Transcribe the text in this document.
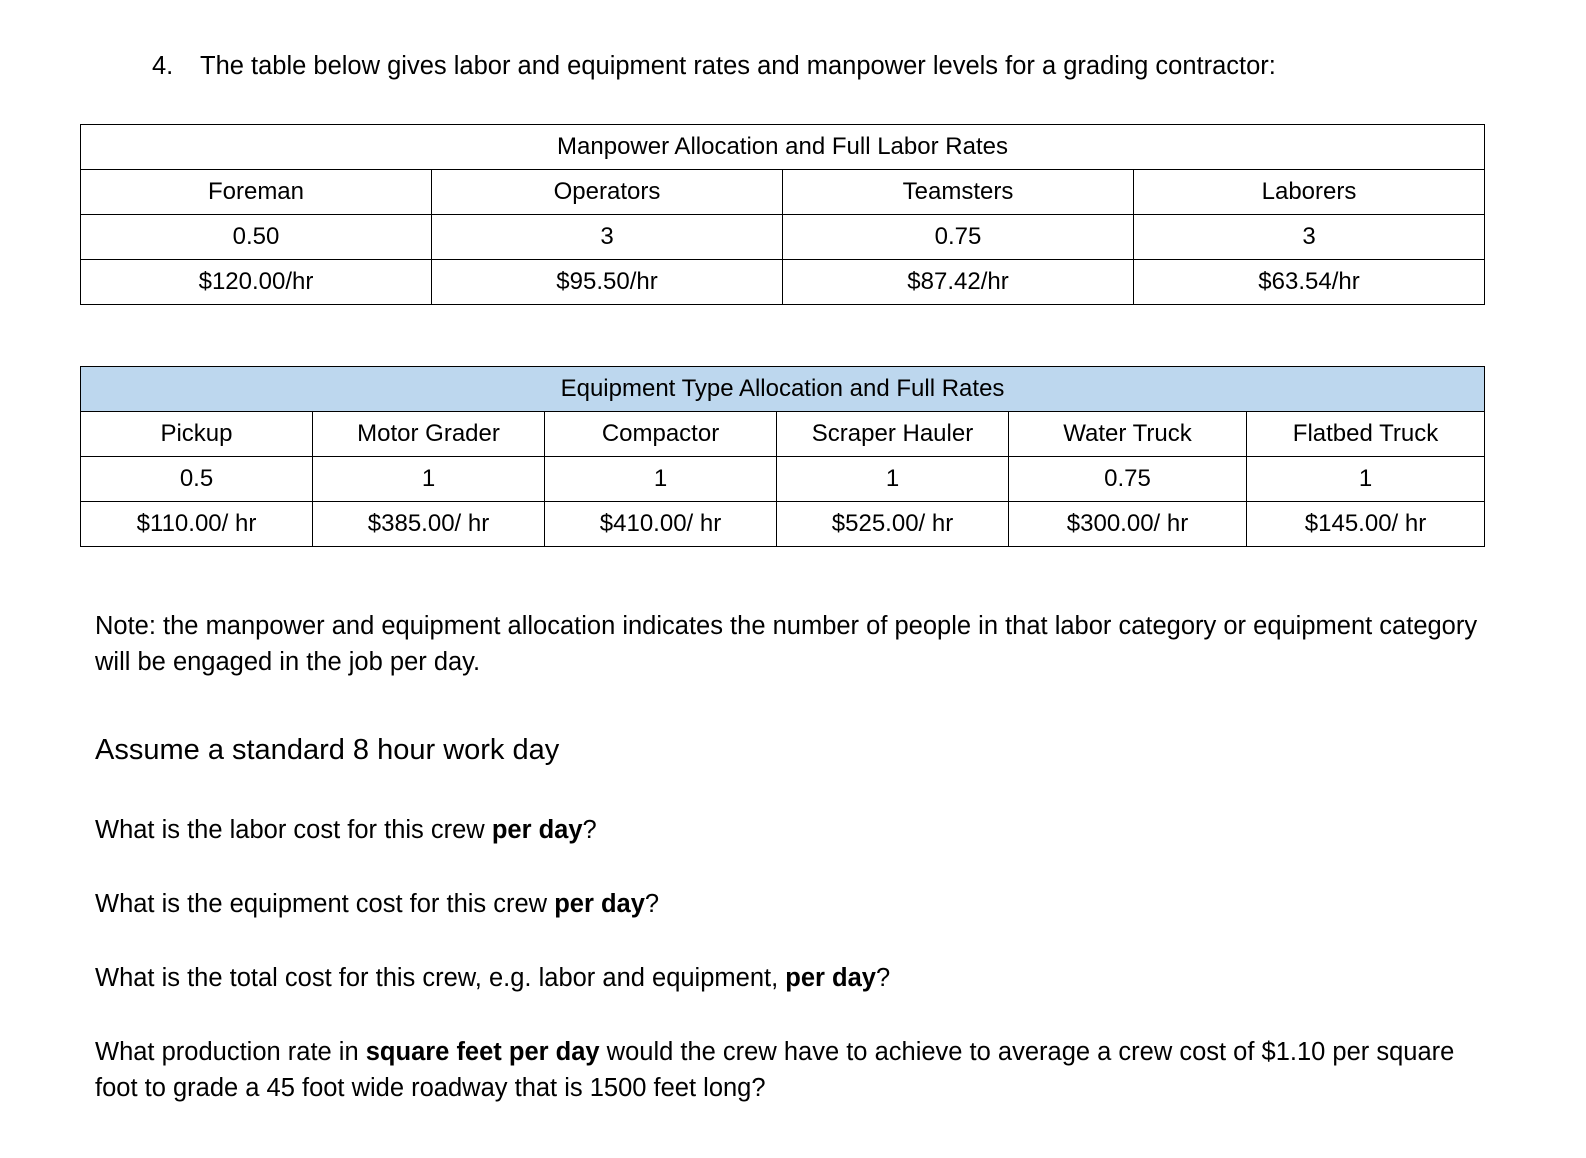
4. The table below gives labor and equipment rates and manpower levels for a grading contractor:
Manpower Allocation and Full Labor Rates			
Foreman	Operators	Teamsters	Laborers
0.50	3	0.75	3
$120.00/hr	$95.50/hr	$87.42/hr	$63.54/hr
Equipment Type Allocation and Full Rates					
Pickup	Motor Grader	Compactor	Scraper Hauler	Water Truck	Flatbed Truck
0.5	1	1	1	0.75	1
$110.00/ hr	$385.00/ hr	$410.00/ hr	$525.00/ hr	$300.00/ hr	$145.00/ hr
Note: the manpower and equipment allocation indicates the number of people in that labor category or equipment category will be engaged in the job per day.
Assume a standard 8 hour work day
What is the labor cost for this crew per day?
What is the equipment cost for this crew per day?
What is the total cost for this crew, e.g. labor and equipment, per day?
What production rate in square feet per day would the crew have to achieve to average a crew cost of $1.10 per square foot to grade a 45 foot wide roadway that is 1500 feet long?
